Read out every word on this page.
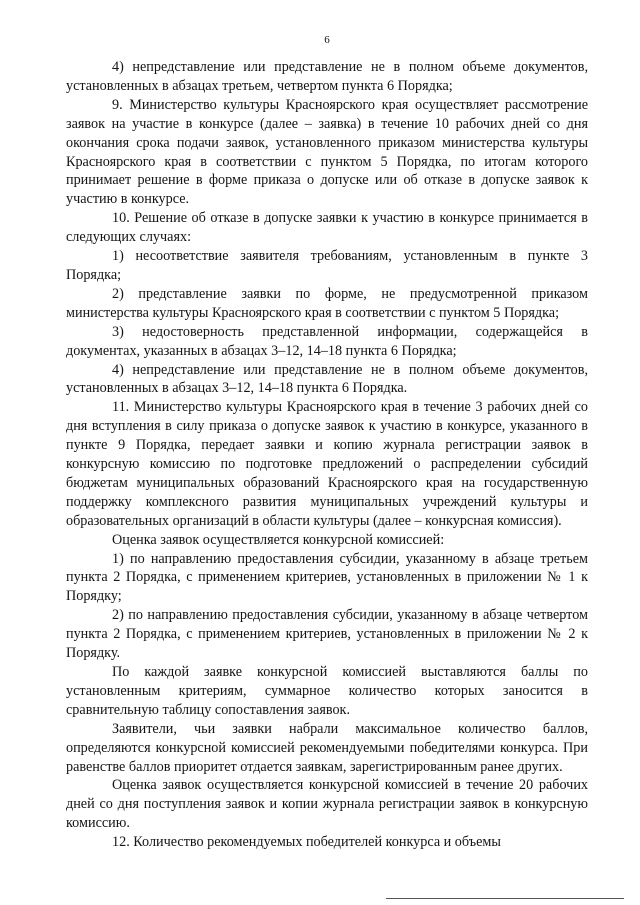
6

4) непредставление или представление не в полном объеме документов, установленных в абзацах третьем, четвертом пункта 6 Порядка;

9. Министерство культуры Красноярского края осуществляет рассмотрение заявок на участие в конкурсе (далее – заявка) в течение 10 рабочих дней со дня окончания срока подачи заявок, установленного приказом министерства культуры Красноярского края в соответствии с пунктом 5 Порядка, по итогам которого принимает решение в форме приказа о допуске или об отказе в допуске заявок к участию в конкурсе.

10. Решение об отказе в допуске заявки к участию в конкурсе принимается в следующих случаях:

1) несоответствие заявителя требованиям, установленным в пункте 3 Порядка;

2) представление заявки по форме, не предусмотренной приказом министерства культуры Красноярского края в соответствии с пунктом 5 Порядка;

3) недостоверность представленной информации, содержащейся в документах, указанных в абзацах 3–12, 14–18 пункта 6 Порядка;

4) непредставление или представление не в полном объеме документов, установленных в абзацах 3–12, 14–18 пункта 6 Порядка.

11. Министерство культуры Красноярского края в течение 3 рабочих дней со дня вступления в силу приказа о допуске заявок к участию в конкурсе, указанного в пункте 9 Порядка, передает заявки и копию журнала регистрации заявок в конкурсную комиссию по подготовке предложений о распределении субсидий бюджетам муниципальных образований Красноярского края на государственную поддержку комплексного развития муниципальных учреждений культуры и образовательных организаций в области культуры (далее – конкурсная комиссия).

Оценка заявок осуществляется конкурсной комиссией:

1) по направлению предоставления субсидии, указанному в абзаце третьем пункта 2 Порядка, с применением критериев, установленных в приложении № 1 к Порядку;

2) по направлению предоставления субсидии, указанному в абзаце четвертом пункта 2 Порядка, с применением критериев, установленных в приложении № 2 к Порядку.

По каждой заявке конкурсной комиссией выставляются баллы по установленным критериям, суммарное количество которых заносится в сравнительную таблицу сопоставления заявок.

Заявители, чьи заявки набрали максимальное количество баллов, определяются конкурсной комиссией рекомендуемыми победителями конкурса. При равенстве баллов приоритет отдается заявкам, зарегистрированным ранее других.

Оценка заявок осуществляется конкурсной комиссией в течение 20 рабочих дней со дня поступления заявок и копии журнала регистрации заявок в конкурсную комиссию.

12. Количество рекомендуемых победителей конкурса и объемы
